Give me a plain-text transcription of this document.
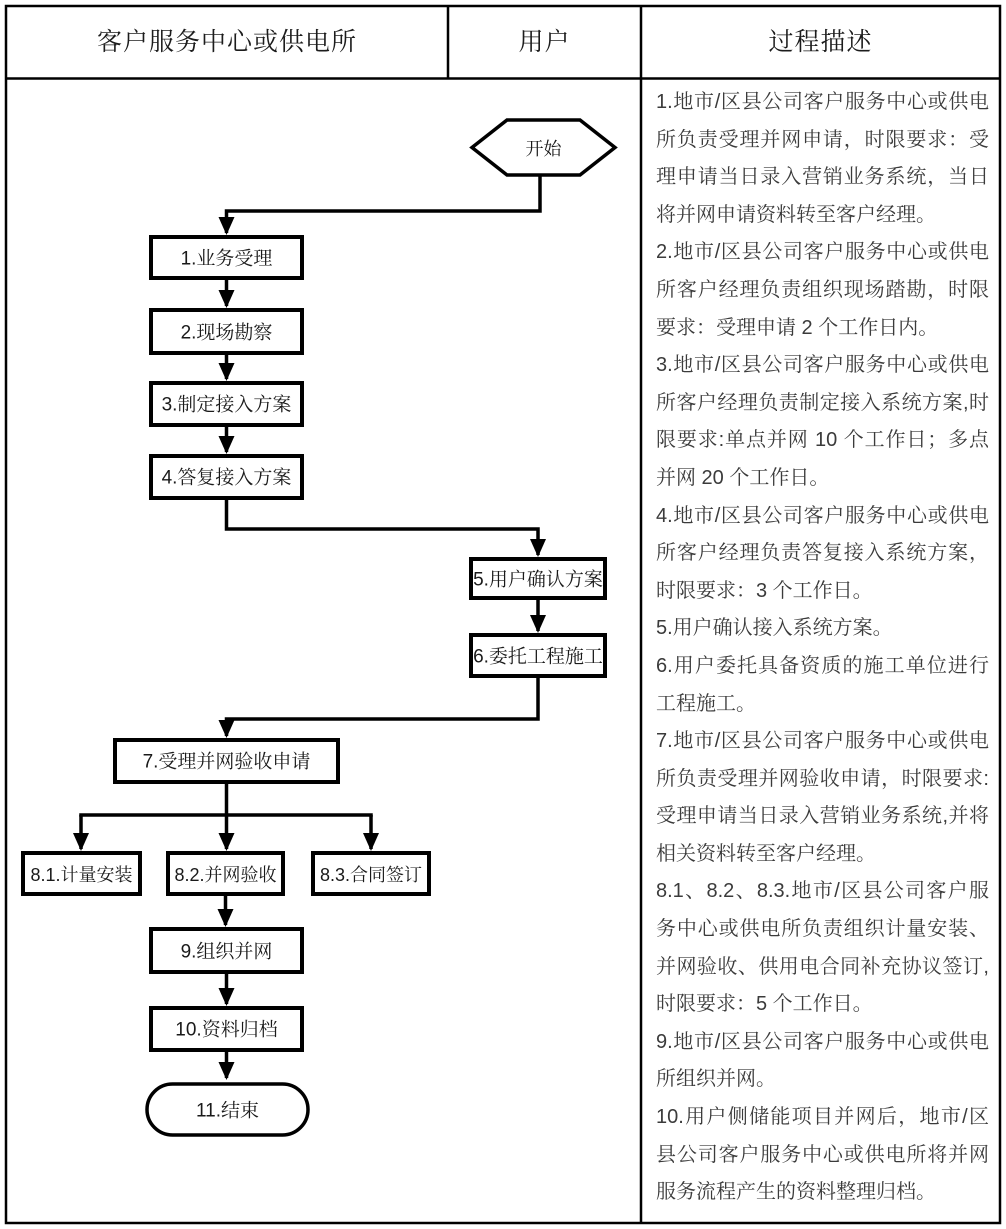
客户服务中心或供电所	用户	过程描述
开始
1.业务受理
2.现场勘察
3.制定接入方案
4.答复接入方案
5.用户确认方案
6.委托工程施工
7.受理并网验收申请
8.1.计量安装 8.2.并网验收 8.3.合同签订
9.组织并网
10.资料归档
11.结束

1.地市/区县公司客户服务中心或供电所负责受理并网申请，时限要求：受理申请当日录入营销业务系统，当日将并网申请资料转至客户经理。

2.地市/区县公司客户服务中心或供电所客户经理负责组织现场踏勘，时限要求：受理申请 2 个工作日内。

3.地市/区县公司客户服务中心或供电所客户经理负责制定接入系统方案,时限要求:单点并网 10 个工作日；多点并网 20 个工作日。

4.地市/区县公司客户服务中心或供电所客户经理负责答复接入系统方案，时限要求：3 个工作日。

5.用户确认接入系统方案。

6.用户委托具备资质的施工单位进行工程施工。

7.地市/区县公司客户服务中心或供电所负责受理并网验收申请，时限要求:受理申请当日录入营销业务系统,并将相关资料转至客户经理。

8.1、8.2、8.3.地市/区县公司客户服务中心或供电所负责组织计量安装、并网验收、供用电合同补充协议签订,时限要求：5 个工作日。

9.地市/区县公司客户服务中心或供电所组织并网。

10.用户侧储能项目并网后，地市/区县公司客户服务中心或供电所将并网服务流程产生的资料整理归档。
